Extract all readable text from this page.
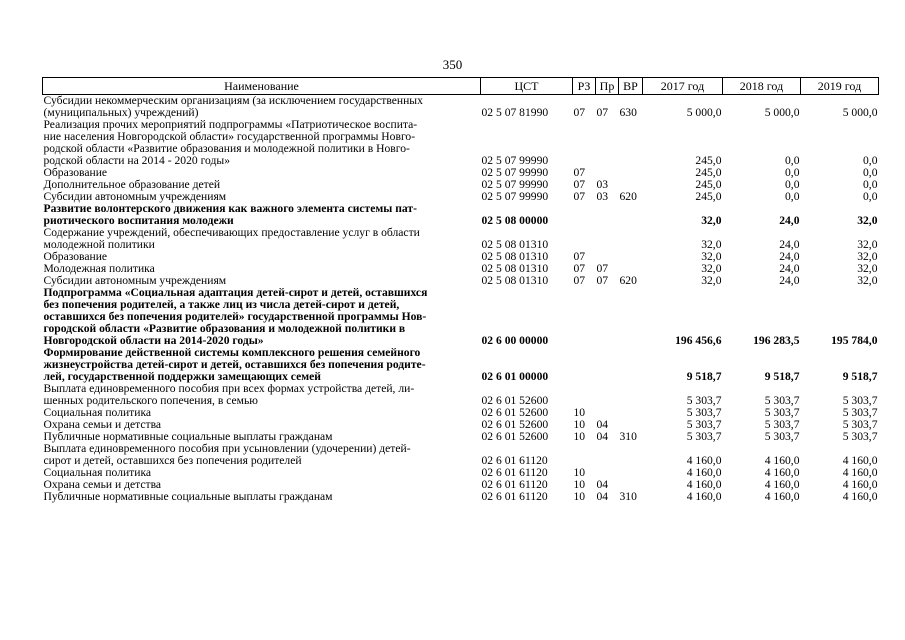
350
Наименование	ЦСТ	РЗ	Пр	ВР	2017 год	2018 год	2019 год

Субсидии некоммерческим организациям (за исключением государственных
(муниципальных) учреждений)	02 5 07 81990	07	07	630	5 000,0	5 000,0	5 000,0

Реализация прочих мероприятий подпрограммы «Патриотическое воспита-
ние населения Новгородской области» государственной программы Новго-
родской области «Развитие образования и молодежной политики в Новго-
родской области на 2014 - 2020 годы»	02 5 07 99990				245,0	0,0	0,0

Образование	02 5 07 99990	07			245,0	0,0	0,0

Дополнительное образование детей	02 5 07 99990	07	03		245,0	0,0	0,0

Субсидии автономным учреждениям	02 5 07 99990	07	03	620	245,0	0,0	0,0

Развитие волонтерского движения как важного элемента системы пат-
риотического воспитания молодежи	02 5 08 00000				32,0	24,0	32,0

Содержание учреждений, обеспечивающих предоставление услуг в области
молодежной политики	02 5 08 01310				32,0	24,0	32,0

Образование	02 5 08 01310	07			32,0	24,0	32,0

Молодежная политика	02 5 08 01310	07	07		32,0	24,0	32,0

Субсидии автономным учреждениям	02 5 08 01310	07	07	620	32,0	24,0	32,0

Подпрограмма «Социальная адаптация детей-сирот и детей, оставшихся
без попечения родителей, а также лиц из числа детей-сирот и детей,
оставшихся без попечения родителей» государственной программы Нов-
городской области «Развитие образования и молодежной политики в
Новгородской области на 2014-2020 годы»	02 6 00 00000				196 456,6	196 283,5	195 784,0

Формирование действенной системы комплексного решения семейного
жизнеустройства детей-сирот и детей, оставшихся без попечения родите-
лей, государственной поддержки замещающих семей	02 6 01 00000				9 518,7	9 518,7	9 518,7

Выплата единовременного пособия при всех формах устройства детей, ли-
шенных родительского попечения, в семью	02 6 01 52600				5 303,7	5 303,7	5 303,7

Социальная политика	02 6 01 52600	10			5 303,7	5 303,7	5 303,7

Охрана семьи и детства	02 6 01 52600	10	04		5 303,7	5 303,7	5 303,7

Публичные нормативные социальные выплаты гражданам	02 6 01 52600	10	04	310	5 303,7	5 303,7	5 303,7

Выплата единовременного пособия при усыновлении (удочерении) детей-
сирот и детей, оставшихся без попечения родителей	02 6 01 61120				4 160,0	4 160,0	4 160,0

Социальная политика	02 6 01 61120	10			4 160,0	4 160,0	4 160,0

Охрана семьи и детства	02 6 01 61120	10	04		4 160,0	4 160,0	4 160,0

Публичные нормативные социальные выплаты гражданам	02 6 01 61120	10	04	310	4 160,0	4 160,0	4 160,0
